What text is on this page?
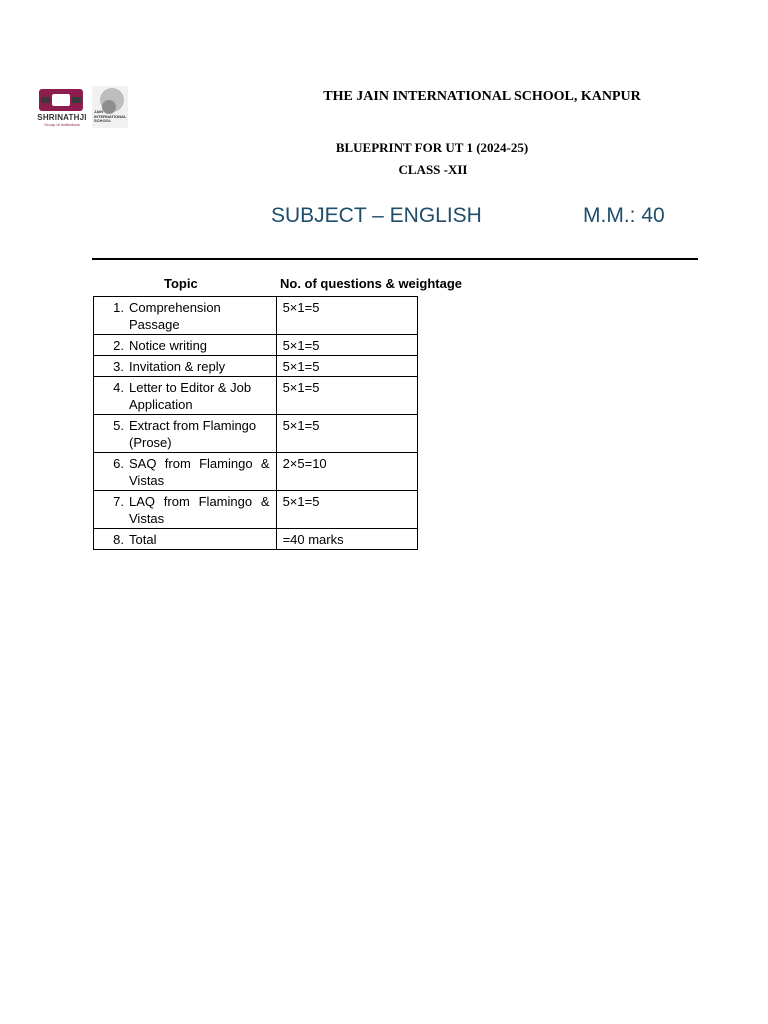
SHRINATHJI
Group of Institutions
JAIN INTERNATIONAL SCHOOL
THE JAIN INTERNATIONAL SCHOOL, KANPUR
BLUEPRINT FOR UT 1 (2024-25)
CLASS -XII
SUBJECT – ENGLISH	M.M.: 40
Topic	No. of questions & weightage
1. Comprehension Passage	5×1=5

2. Notice writing	5×1=5

3. Invitation & reply	5×1=5

4. Letter to Editor & Job Application	5×1=5

5. Extract from Flamingo (Prose)	5×1=5

6. SAQ from Flamingo & Vistas	2×5=10

7. LAQ from Flamingo & Vistas	5×1=5

8. Total	=40 marks
